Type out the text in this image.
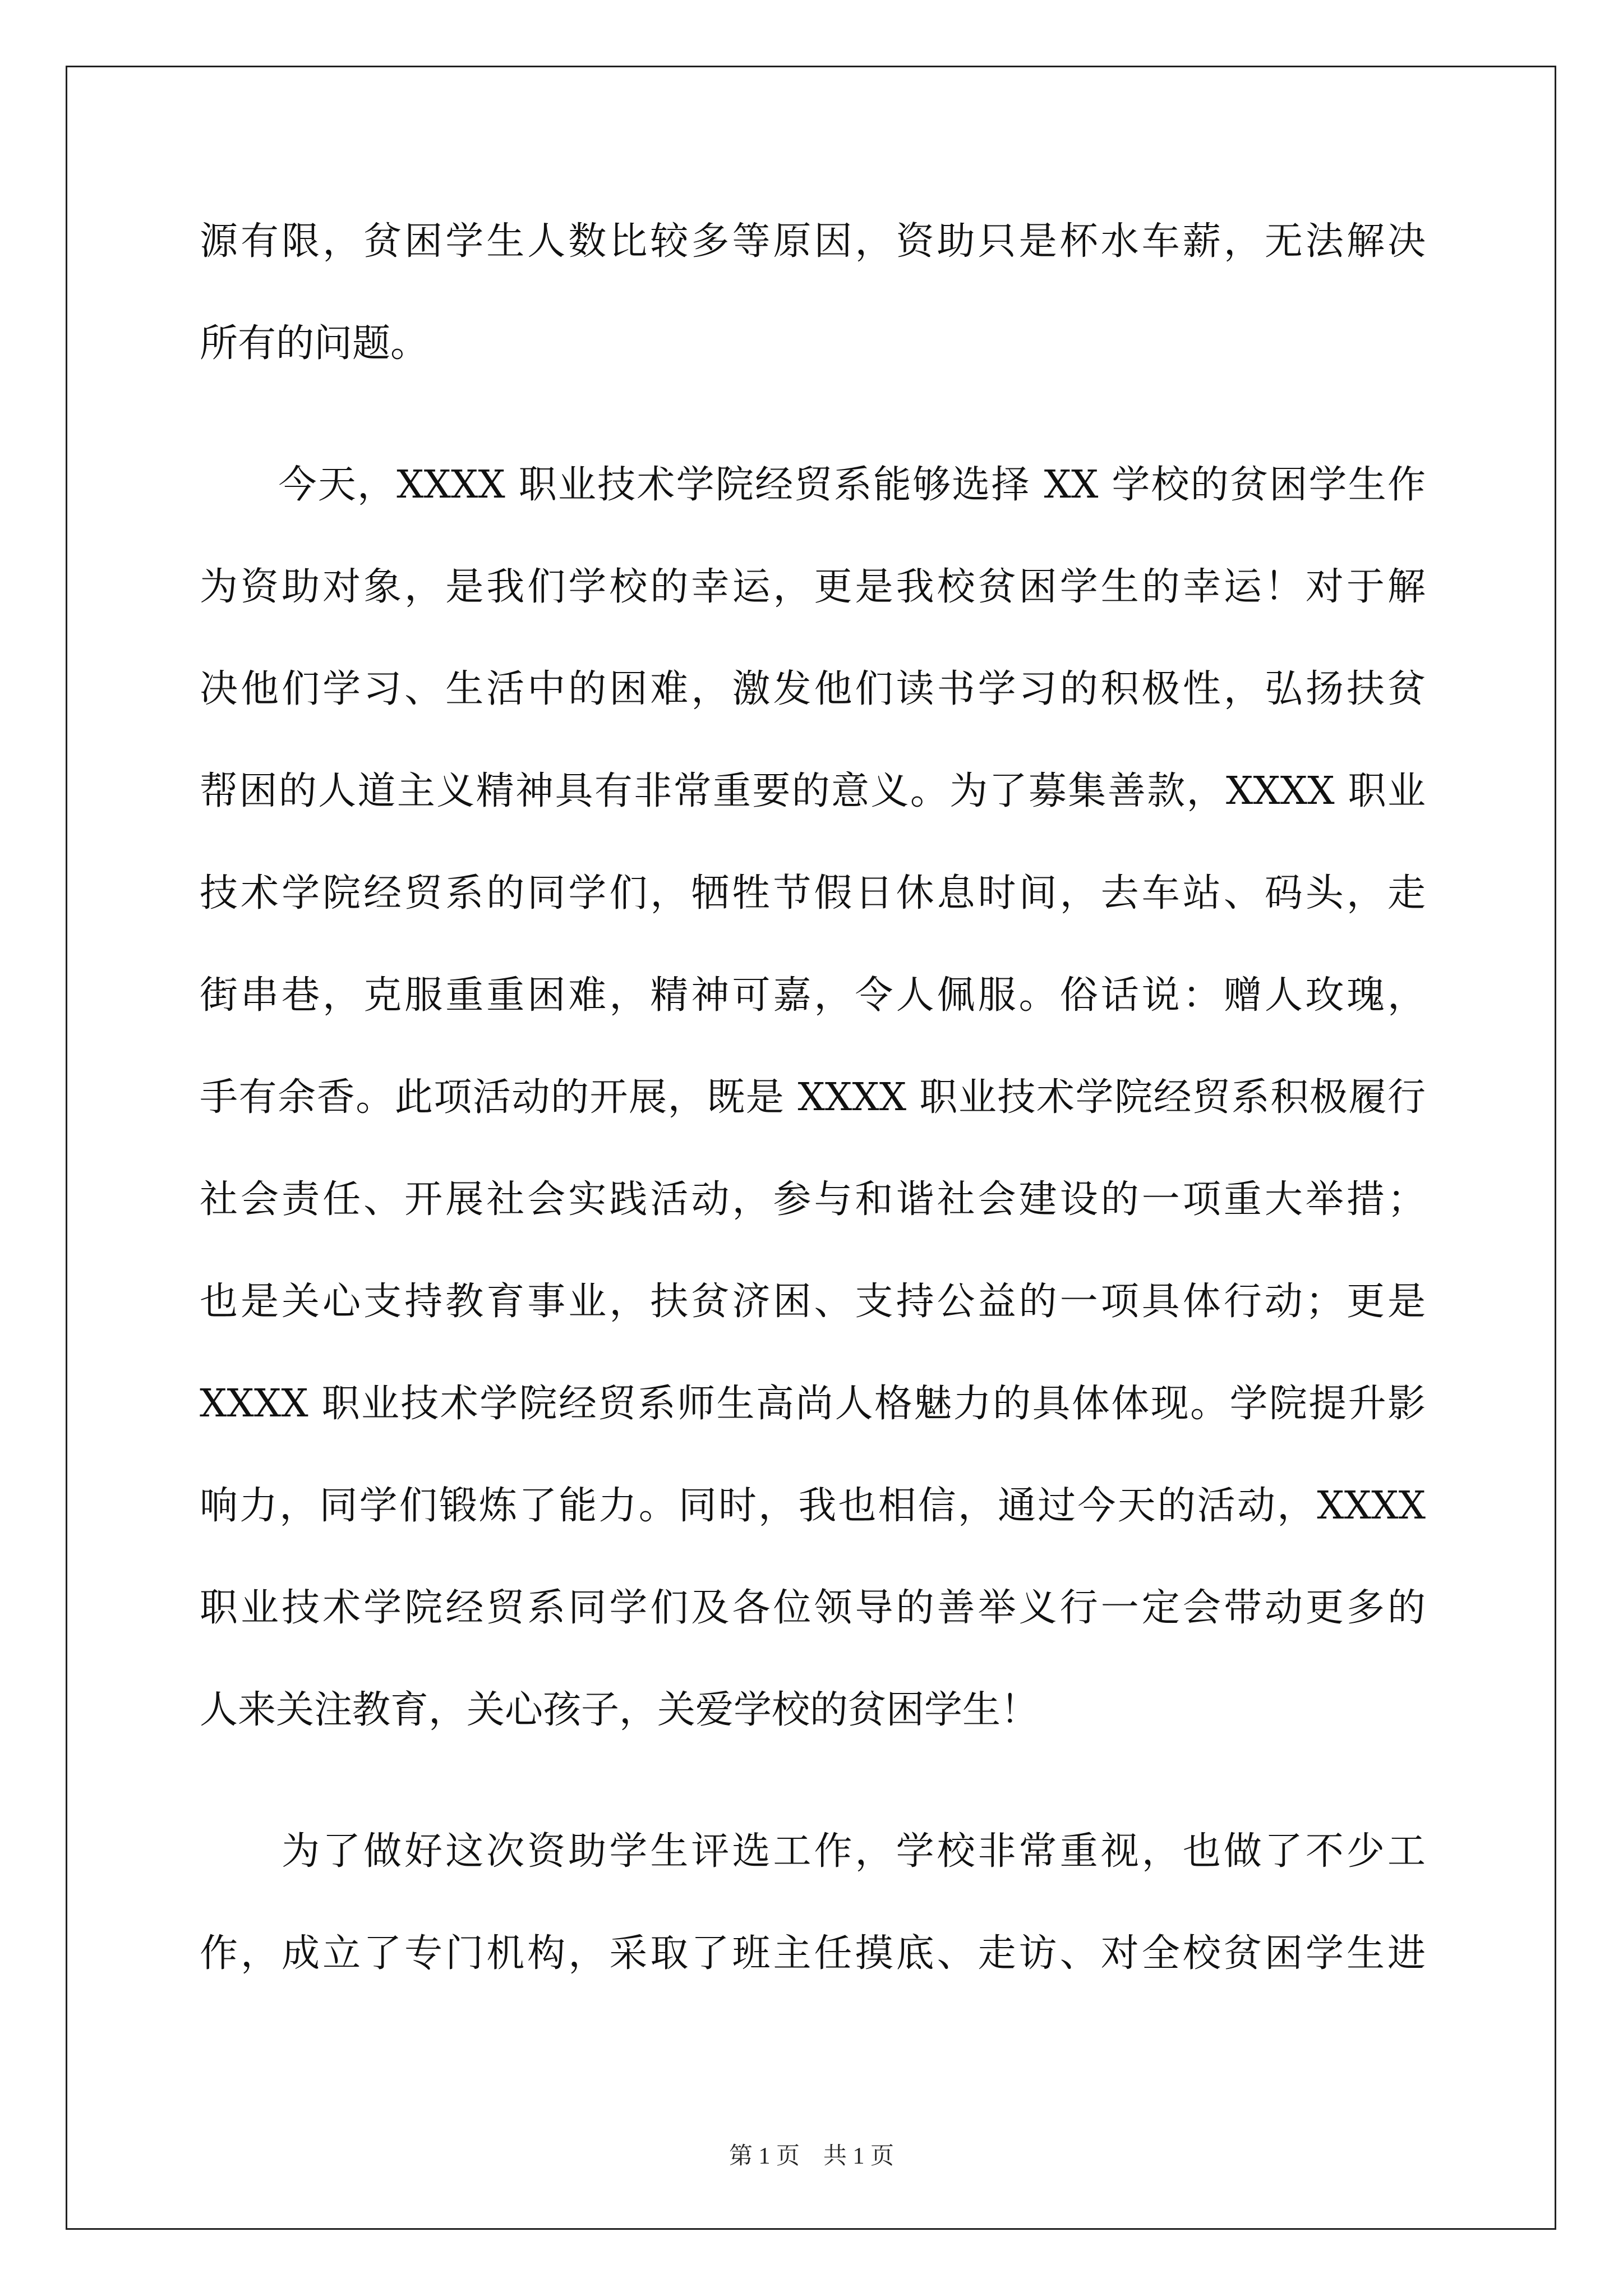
源有限，贫困学生人数比较多等原因，资助只是杯水车薪，无法解决
所有的问题。
　　今天，XXXX 职业技术学院经贸系能够选择 XX 学校的贫困学生作
为资助对象，是我们学校的幸运，更是我校贫困学生的幸运！对于解
决他们学习、生活中的困难，激发他们读书学习的积极性，弘扬扶贫
帮困的人道主义精神具有非常重要的意义。为了募集善款，XXXX 职业
技术学院经贸系的同学们，牺牲节假日休息时间，去车站、码头，走
街串巷，克服重重困难，精神可嘉，令人佩服。俗话说：赠人玫瑰，
手有余香。此项活动的开展，既是 XXXX 职业技术学院经贸系积极履行
社会责任、开展社会实践活动，参与和谐社会建设的一项重大举措；
也是关心支持教育事业，扶贫济困、支持公益的一项具体行动；更是
XXXX 职业技术学院经贸系师生高尚人格魅力的具体体现。学院提升影
响力，同学们锻炼了能力。同时，我也相信，通过今天的活动，XXXX
职业技术学院经贸系同学们及各位领导的善举义行一定会带动更多的
人来关注教育，关心孩子，关爱学校的贫困学生！
　　为了做好这次资助学生评选工作，学校非常重视，也做了不少工
作，成立了专门机构，采取了班主任摸底、走访、对全校贫困学生进
第 1 页　共 1 页
